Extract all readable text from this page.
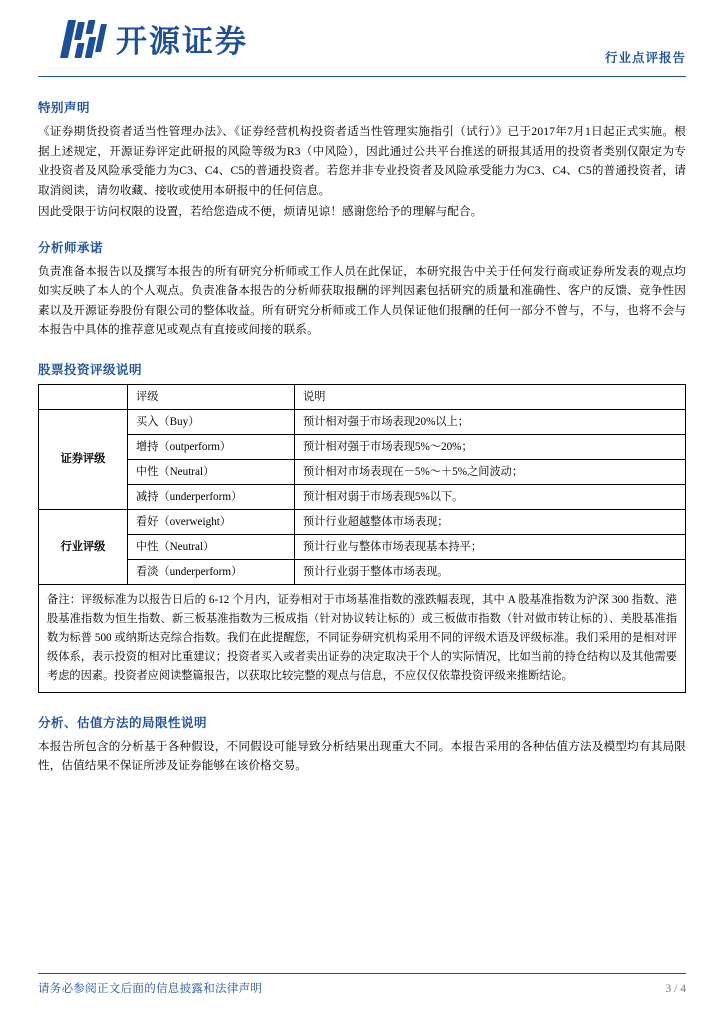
开源证券	行业点评报告
特别声明

《证券期货投资者适当性管理办法》、《证券经营机构投资者适当性管理实施指引（试行）》已于2017年7月1日起正式实施。根据上述规定，开源证券评定此研报的风险等级为R3（中风险），因此通过公共平台推送的研报其适用的投资者类别仅限定为专业投资者及风险承受能力为C3、C4、C5的普通投资者。若您并非专业投资者及风险承受能力为C3、C4、C5的普通投资者，请取消阅读，请勿收藏、接收或使用本研报中的任何信息。

因此受限于访问权限的设置，若给您造成不便，烦请见谅！感谢您给予的理解与配合。

分析师承诺

负责准备本报告以及撰写本报告的所有研究分析师或工作人员在此保证，本研究报告中关于任何发行商或证券所发表的观点均如实反映了本人的个人观点。负责准备本报告的分析师获取报酬的评判因素包括研究的质量和准确性、客户的反馈、竞争性因素以及开源证券股份有限公司的整体收益。所有研究分析师或工作人员保证他们报酬的任何一部分不曾与，不与，也将不会与本报告中具体的推荐意见或观点有直接或间接的联系。

股票投资评级说明
	评级	说明
证券评级	买入（Buy）	预计相对强于市场表现20%以上；
	增持（outperform）	预计相对强于市场表现5%～20%；
	中性（Neutral）	预计相对市场表现在－5%～＋5%之间波动；
	减持（underperform）	预计相对弱于市场表现5%以下。
行业评级	看好（overweight）	预计行业超越整体市场表现；
	中性（Neutral）	预计行业与整体市场表现基本持平；
	看淡（underperform）	预计行业弱于整体市场表现。
备注：评级标准为以报告日后的 6-12 个月内，证券相对于市场基准指数的涨跌幅表现，其中 A 股基准指数为沪深 300 指数、港股基准指数为恒生指数、新三板基准指数为三板成指（针对协议转让标的）或三板做市指数（针对做市转让标的）、美股基准指数为标普 500 或纳斯达克综合指数。我们在此提醒您，不同证券研究机构采用不同的评级术语及评级标准。我们采用的是相对评级体系，表示投资的相对比重建议；投资者买入或者卖出证券的决定取决于个人的实际情况，比如当前的持仓结构以及其他需要考虑的因素。投资者应阅读整篇报告，以获取比较完整的观点与信息，不应仅仅依靠投资评级来推断结论。		
分析、估值方法的局限性说明

本报告所包含的分析基于各种假设，不同假设可能导致分析结果出现重大不同。本报告采用的各种估值方法及模型均有其局限性，估值结果不保证所涉及证券能够在该价格交易。

请务必参阅正文后面的信息披露和法律声明	3 / 4
